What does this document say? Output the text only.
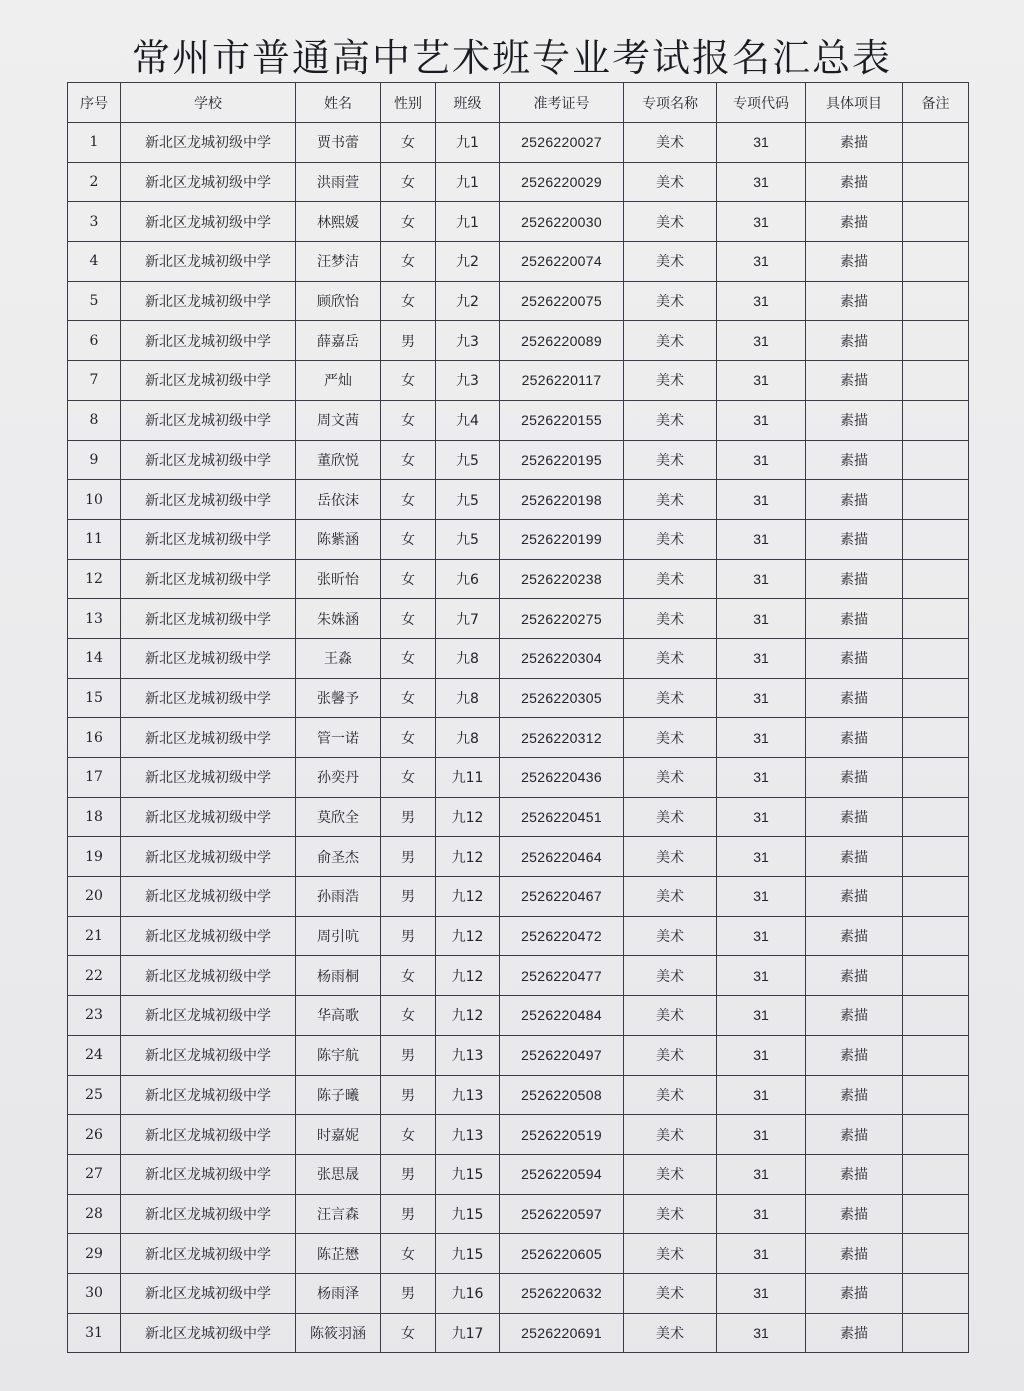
常州市普通高中艺术班专业考试报名汇总表
序号	学校	姓名	性别	班级	准考证号	专项名称	专项代码	具体项目	备注
1	新北区龙城初级中学	贾书蕾	女	九1	2526220027	美术	31	素描	
2	新北区龙城初级中学	洪雨萱	女	九1	2526220029	美术	31	素描	
3	新北区龙城初级中学	林熙媛	女	九1	2526220030	美术	31	素描	
4	新北区龙城初级中学	汪梦洁	女	九2	2526220074	美术	31	素描	
5	新北区龙城初级中学	顾欣怡	女	九2	2526220075	美术	31	素描	
6	新北区龙城初级中学	薛嘉岳	男	九3	2526220089	美术	31	素描	
7	新北区龙城初级中学	严灿	女	九3	2526220117	美术	31	素描	
8	新北区龙城初级中学	周文茜	女	九4	2526220155	美术	31	素描	
9	新北区龙城初级中学	董欣悦	女	九5	2526220195	美术	31	素描	
10	新北区龙城初级中学	岳依沫	女	九5	2526220198	美术	31	素描	
11	新北区龙城初级中学	陈紫涵	女	九5	2526220199	美术	31	素描	
12	新北区龙城初级中学	张昕怡	女	九6	2526220238	美术	31	素描	
13	新北区龙城初级中学	朱姝涵	女	九7	2526220275	美术	31	素描	
14	新北区龙城初级中学	王淼	女	九8	2526220304	美术	31	素描	
15	新北区龙城初级中学	张馨予	女	九8	2526220305	美术	31	素描	
16	新北区龙城初级中学	管一诺	女	九8	2526220312	美术	31	素描	
17	新北区龙城初级中学	孙奕丹	女	九11	2526220436	美术	31	素描	
18	新北区龙城初级中学	莫欣全	男	九12	2526220451	美术	31	素描	
19	新北区龙城初级中学	俞圣杰	男	九12	2526220464	美术	31	素描	
20	新北区龙城初级中学	孙雨浩	男	九12	2526220467	美术	31	素描	
21	新北区龙城初级中学	周引吭	男	九12	2526220472	美术	31	素描	
22	新北区龙城初级中学	杨雨桐	女	九12	2526220477	美术	31	素描	
23	新北区龙城初级中学	华高歌	女	九12	2526220484	美术	31	素描	
24	新北区龙城初级中学	陈宇航	男	九13	2526220497	美术	31	素描	
25	新北区龙城初级中学	陈子曦	男	九13	2526220508	美术	31	素描	
26	新北区龙城初级中学	时嘉妮	女	九13	2526220519	美术	31	素描	
27	新北区龙城初级中学	张思晟	男	九15	2526220594	美术	31	素描	
28	新北区龙城初级中学	汪言森	男	九15	2526220597	美术	31	素描	
29	新北区龙城初级中学	陈芷懋	女	九15	2526220605	美术	31	素描	
30	新北区龙城初级中学	杨雨泽	男	九16	2526220632	美术	31	素描	
31	新北区龙城初级中学	陈筱羽涵	女	九17	2526220691	美术	31	素描	
